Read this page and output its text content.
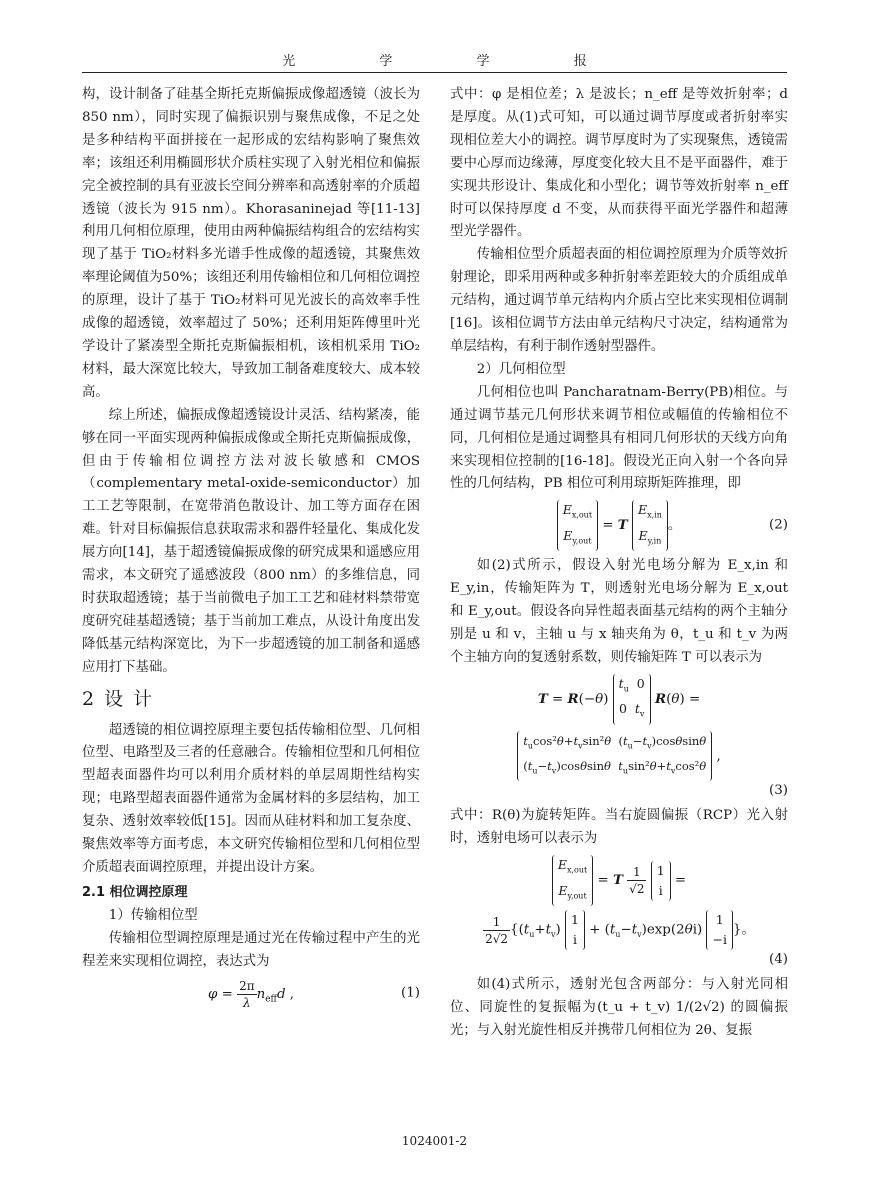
光 学 学 报

构，设计制备了硅基全斯托克斯偏振成像超透镜（波长为850 nm），同时实现了偏振识别与聚焦成像，不足之处是多种结构平面拼接在一起形成的宏结构影响了聚焦效率；该组还利用椭圆形状介质柱实现了入射光相位和偏振完全被控制的具有亚波长空间分辨率和高透射率的介质超透镜（波长为 915 nm）。Khorasaninejad 等[11-13] 利用几何相位原理，使用由两种偏振结构组合的宏结构实现了基于 TiO₂材料多光谱手性成像的超透镜，其聚焦效率理论阈值为50%；该组还利用传输相位和几何相位调控的原理，设计了基于 TiO₂材料可见光波长的高效率手性成像的超透镜，效率超过了 50%；还利用矩阵傅里叶光学设计了紧凑型全斯托克斯偏振相机，该相机采用 TiO₂材料，最大深宽比较大，导致加工制备难度较大、成本较高。

综上所述，偏振成像超透镜设计灵活、结构紧凑，能够在同一平面实现两种偏振成像或全斯托克斯偏振成像，但由于传输相位调控方法对波长敏感和 CMOS（complementary metal-oxide-semiconductor）加工工艺等限制，在宽带消色散设计、加工等方面存在困难。针对目标偏振信息获取需求和器件轻量化、集成化发展方向[14]，基于超透镜偏振成像的研究成果和遥感应用需求，本文研究了遥感波段（800 nm）的多维信息，同时获取超透镜；基于当前微电子加工工艺和硅材料禁带宽度研究硅基超透镜；基于当前加工难点，从设计角度出发降低基元结构深宽比，为下一步超透镜的加工制备和遥感应用打下基础。

2 设 计

超透镜的相位调控原理主要包括传输相位型、几何相位型、电路型及三者的任意融合。传输相位型和几何相位型超表面器件均可以利用介质材料的单层周期性结构实现；电路型超表面器件通常为金属材料的多层结构，加工复杂、透射效率较低[15]。因而从硅材料和加工复杂度、聚焦效率等方面考虑，本文研究传输相位型和几何相位型介质超表面调控原理，并提出设计方案。

2.1 相位调控原理

1）传输相位型

传输相位型调控原理是通过光在传输过程中产生的光程差来实现相位调控，表达式为

$\varphi = \frac{2\pi}{\lambda} n_{eff}d$ ,	(1)

式中：φ 是相位差；λ 是波长；n_eff 是等效折射率；d 是厚度。从(1)式可知，可以通过调节厚度或者折射率实现相位差大小的调控。调节厚度时为了实现聚焦，透镜需要中心厚而边缘薄，厚度变化较大且不是平面器件，难于实现共形设计、集成化和小型化；调节等效折射率 n_eff 时可以保持厚度 d 不变，从而获得平面光学器件和超薄型光学器件。

传输相位型介质超表面的相位调控原理为介质等效折射理论，即采用两种或多种折射率差距较大的介质组成单元结构，通过调节单元结构内介质占空比来实现相位调制[16]。该相位调节方法由单元结构尺寸决定，结构通常为单层结构，有利于制作透射型器件。

2）几何相位型

几何相位也叫 Pancharatnam-Berry(PB)相位。与通过调节基元几何形状来调节相位或幅值的传输相位不同，几何相位是通过调整具有相同几何形状的天线方向角来实现相位控制的[16-18]。假设光正向入射一个各向异性的几何结构，PB 相位可利用琼斯矩阵推理，即

$E_{x,out}$
$E_{y,out} = T$ $E_{x,in}$
$E_{y,in}$。	(2)

如(2)式所示，假设入射光电场分解为 E_x,in 和 E_y,in，传输矩阵为 T，则透射光电场分解为 E_x,out 和 E_y,out。假设各向异性超表面基元结构的两个主轴分别是 u 和 v，主轴 u 与 x 轴夹角为 θ，t_u 和 t_v 为两个主轴方向的复透射系数，则传输矩阵 T 可以表示为

T = R(−θ) $t_u$  0
0  $t_v$ R(θ) =
$t_u\cos^2\theta+t_v\sin^2\theta$  $(t_u-t_v)\cos\theta\sin\theta$
$(t_u-t_v)\cos\theta\sin\theta$ $t_u\sin^2\theta+t_v\cos^2\theta$ ,
(3)

式中：R(θ)为旋转矩阵。当右旋圆偏振（RCP）光入射时，透射电场可以表示为

$E_{x,out}$
$E_{y,out} = T \frac{1}{√2} 1$
i =
$\frac{1}{2√2} \{(t_u+t_v)$ 1
$i + (t_u-t_v)\exp(2\theta i)$ 1
−i}。
(4)

如(4)式所示，透射光包含两部分：与入射光同相位、同旋性的复振幅为(t_u + t_v) 1/(2√2) 的圆偏振光；与入射光旋性相反并携带几何相位为 2θ、复振

1024001-2
